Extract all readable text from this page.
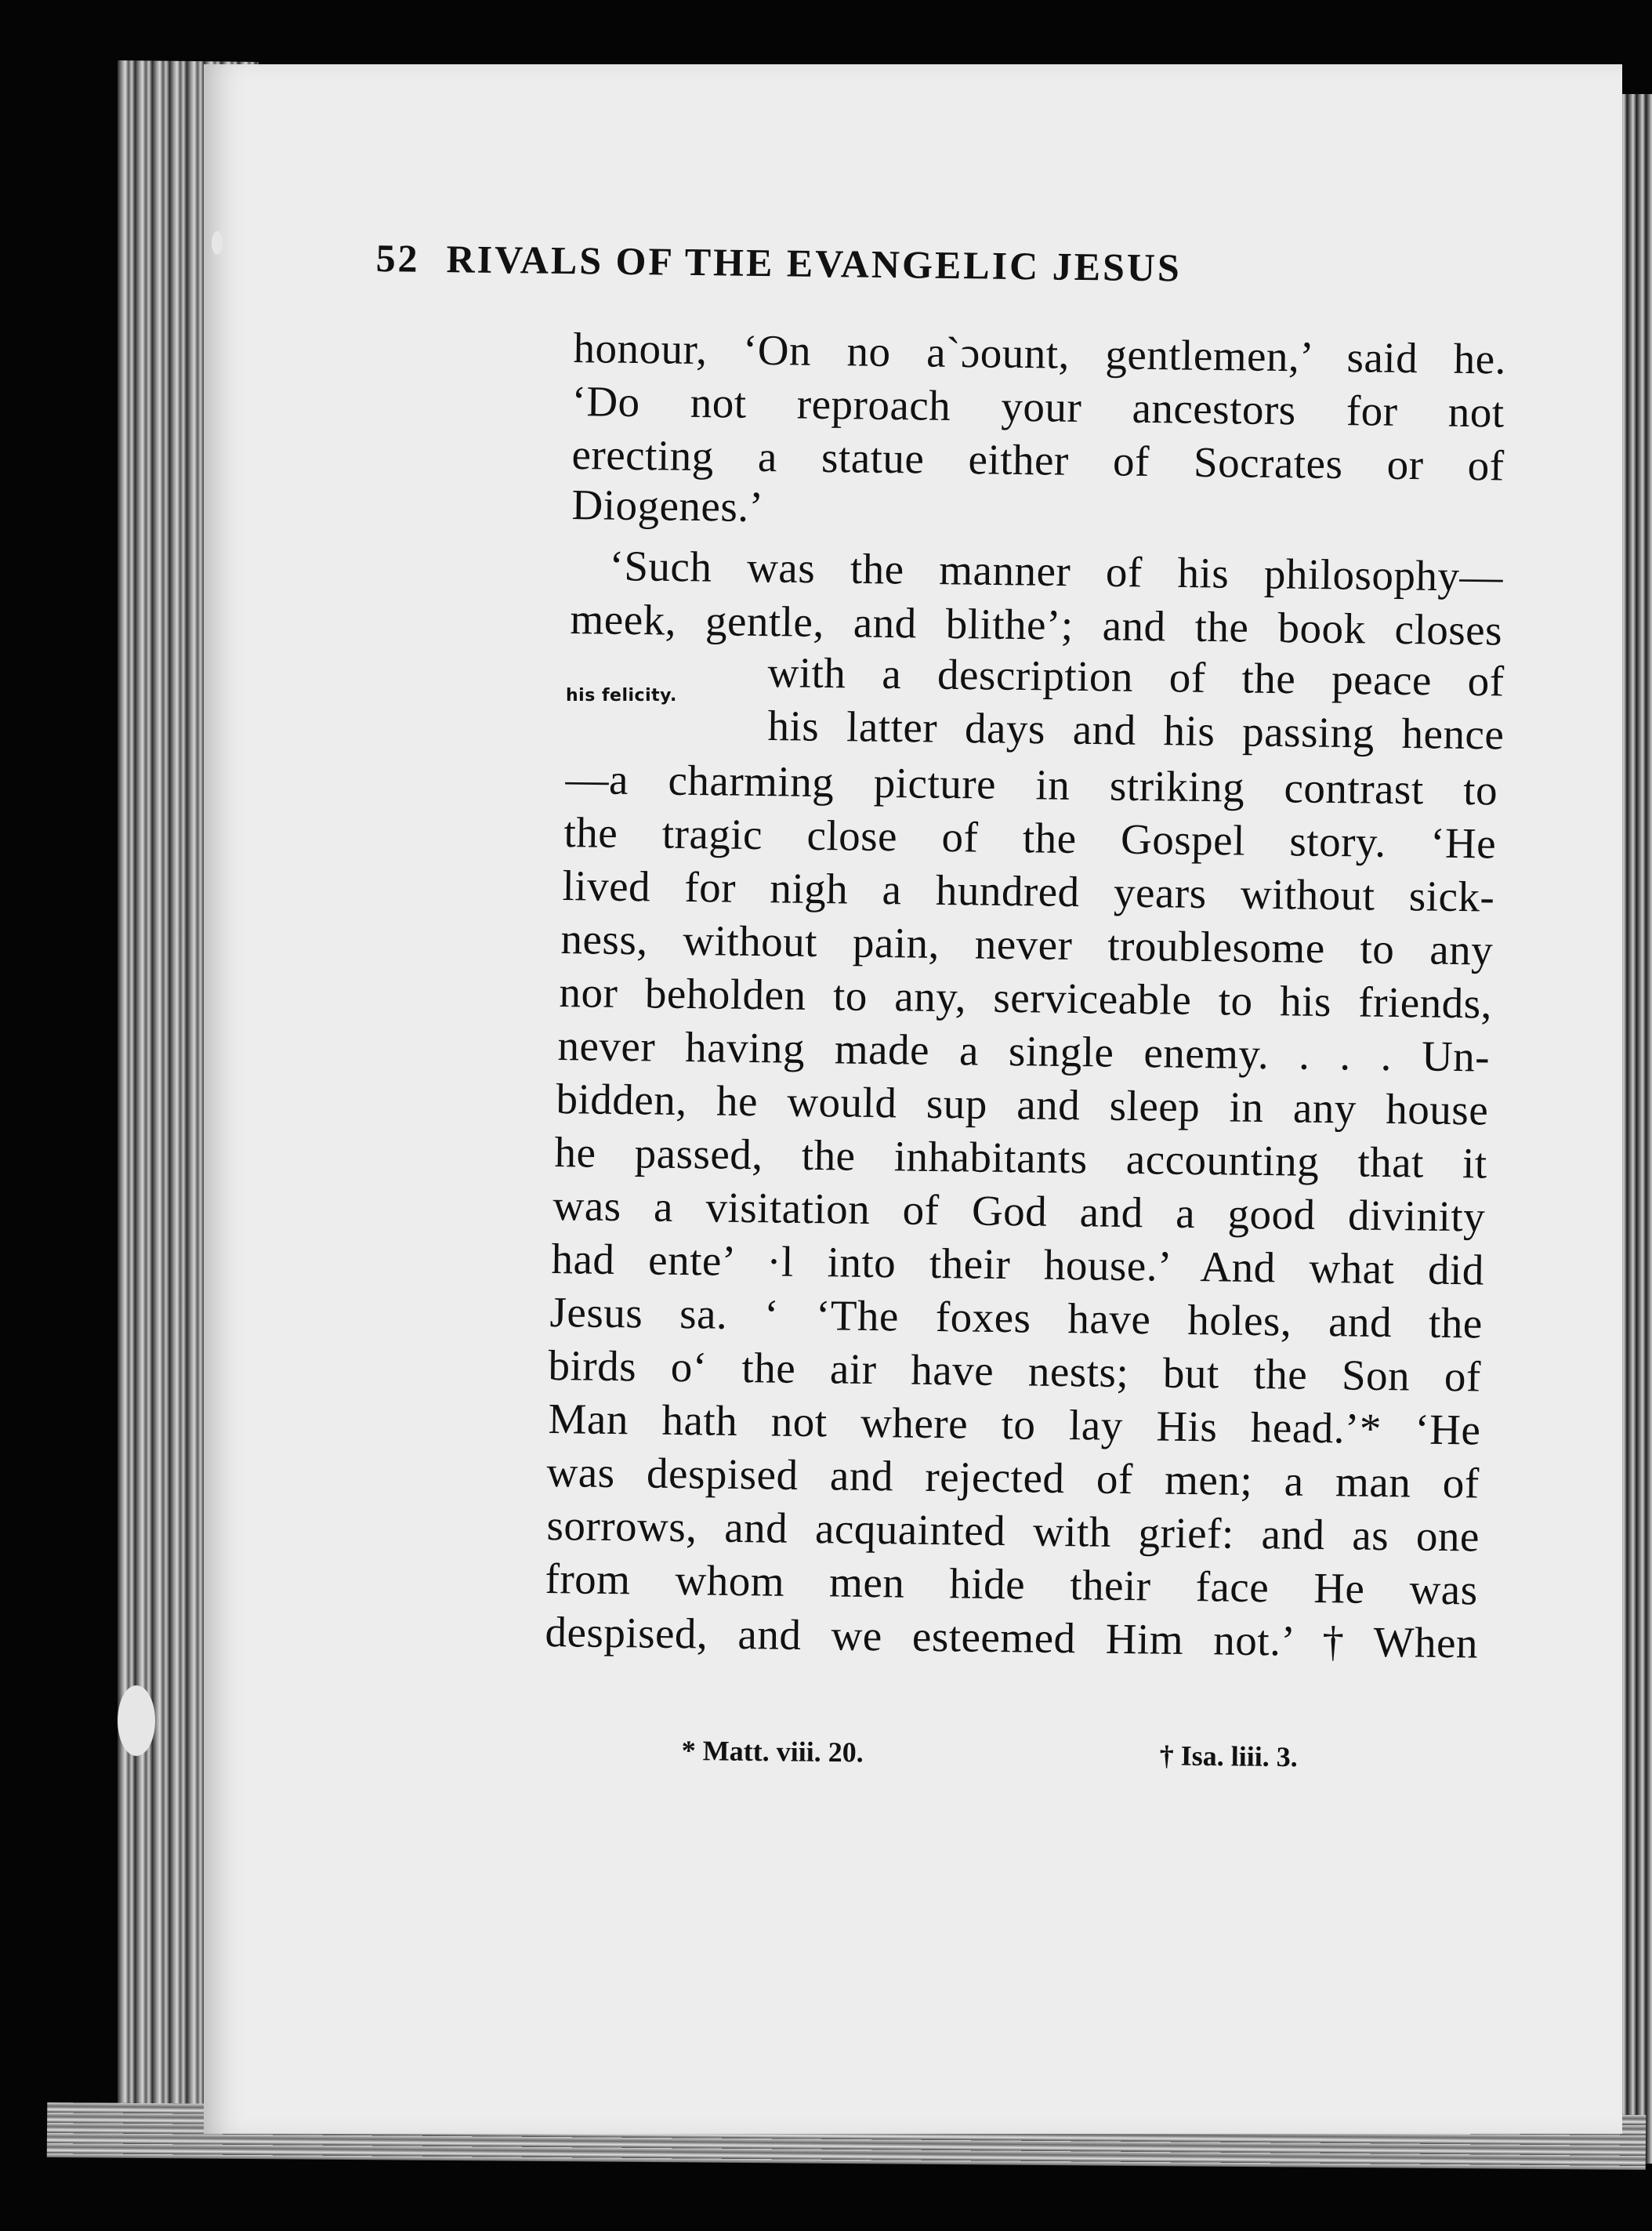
52 RIVALS OF THE EVANGELIC JESUS
his felicity.
honour, ‘On no aˋɔount, gentlemen,’ said he.
‘Do not reproach your ancestors for not
erecting a statue either of Socrates or of
Diogenes.’
‘Such was the manner of his philosophy—
meek, gentle, and blithe’; and the book closes
with a description of the peace of
his latter days and his passing hence
—a charming picture in striking contrast to
the tragic close of the Gospel story. ‘He
lived for nigh a hundred years without sick-
ness, without pain, never troublesome to any
nor beholden to any, serviceable to his friends,
never having made a single enemy. . . . Un-
bidden, he would sup and sleep in any house
he passed, the inhabitants accounting that it
was a visitation of God and a good divinity
had ente’ ·l into their house.’ And what did
Jesus sa. ‘ ‘The foxes have holes, and the
birds oʻ the air have nests; but the Son of
Man hath not where to lay His head.’* ‘He
was despised and rejected of men; a man of
sorrows, and acquainted with grief: and as one
from whom men hide their face He was
despised, and we esteemed Him not.’ † When
* Matt. viii. 20.	† Isa. liii. 3.
